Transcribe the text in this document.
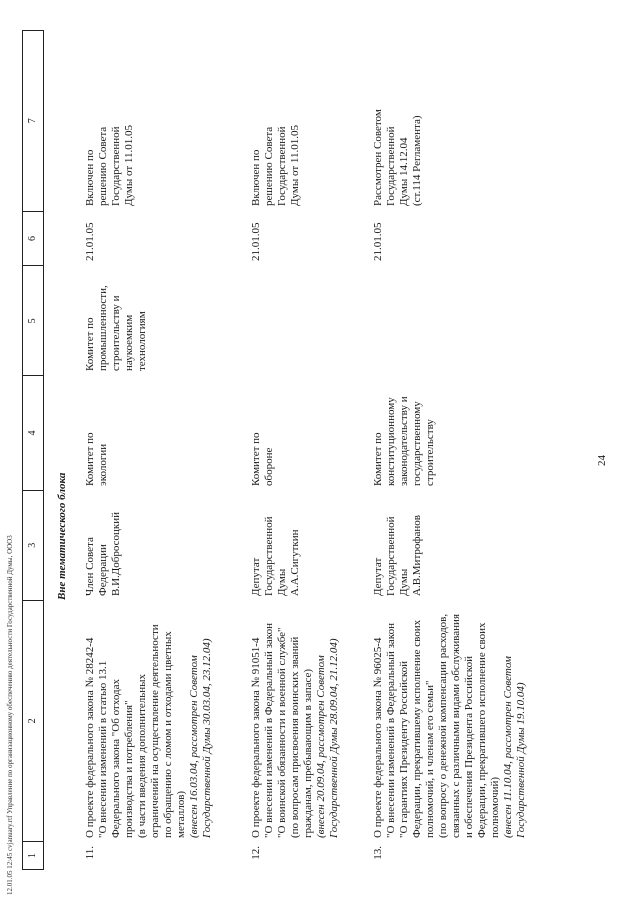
24
1
2
3
4
5
6
7
Вне тематического блока
11.
О проекте федерального закона № 28242-4 "О внесении изменений в статью 13.1 Федерального закона "Об отходах производства и потребления" (в части введения дополнительных ограничений на осуществление деятельности по обращению с ломом и отходами цветных металлов) (внесен 16.03.04, рассмотрен Советом Государственной Думы 30.03.04, 23.12.04)
Член Совета Федерации В.И.Добросоцкий
Комитет по экологии
Комитет по промышленности, строительству и наукоемким технологиям
21.01.05
Включен по решению Совета Государственной Думы от 11.01.05
12.
О проекте федерального закона № 91051-4 "О внесении изменений в Федеральный закон "О воинской обязанности и военной службе" (по вопросам присвоения воинских званий гражданам, пребывающим в запасе) (внесен 20.09.04, рассмотрен Советом Государственной Думы 28.09.04, 21.12.04)
Депутат Государственной Думы А.А.Сигуткин
Комитет по обороне
21.01.05
Включен по решению Совета Государственной Думы от 11.01.05
13.
О проекте федерального закона № 96025-4 "О внесении изменений в Федеральный закон "О гарантиях Президенту Российской Федерации, прекратившему исполнение своих полномочий, и членам его семьи" (по вопросу о денежной компенсации расходов, связанных с различными видами обслуживания и обеспечения Президента Российской Федерации, прекратившего исполнение своих полномочий) (внесен 11.10.04, рассмотрен Советом Государственной Думы 19.10.04)
Депутат Государственной Думы А.В.Митрофанов
Комитет по конституционному законодательству и государственному строительству
21.01.05
Рассмотрен Советом Государственной Думы 14.12.04 (ст.114 Регламента)
12.01.05 12:45 cvjanuary.rtf Управление по организационному обеспечению деятельности Государственной Думы, ООО3
